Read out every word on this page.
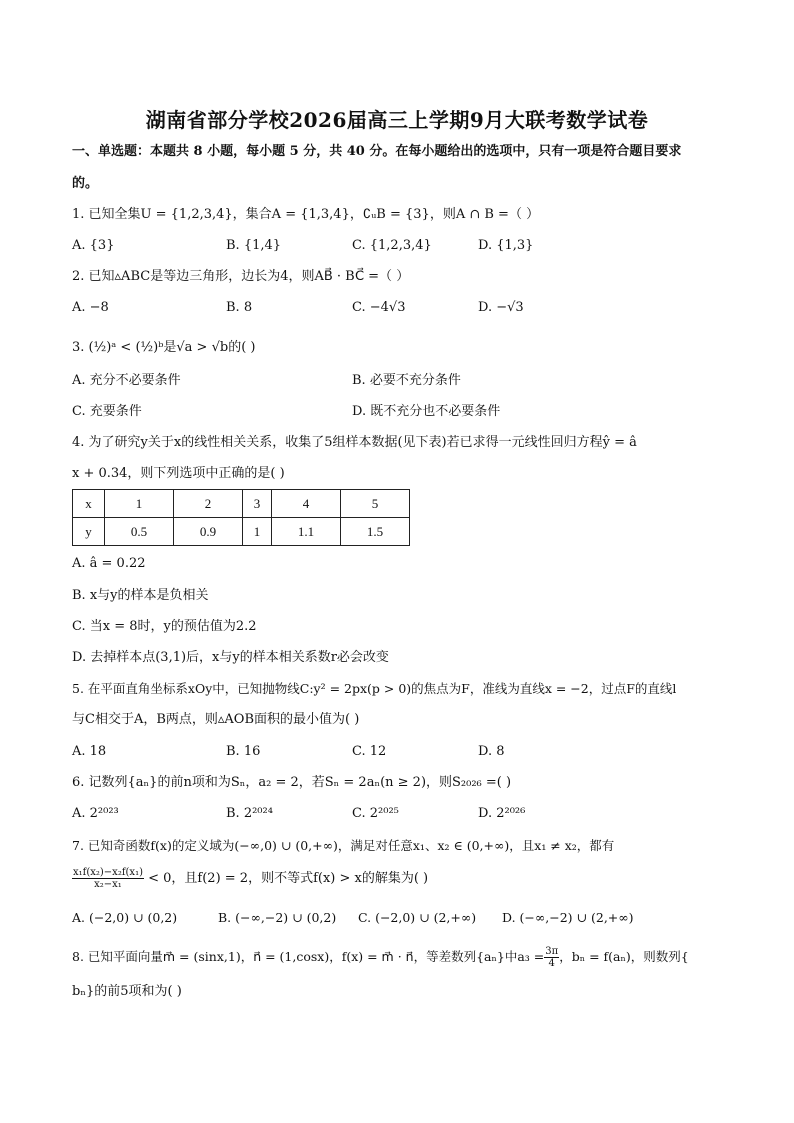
湖南省部分学校2026届高三上学期9月大联考数学试卷
一、单选题：本题共 8 小题，每小题 5 分，共 40 分。在每小题给出的选项中，只有一项是符合题目要求
的。
1. 已知全集U = {1,2,3,4}，集合A = {1,3,4}，∁ᵤB = {3}，则A ∩ B =（ ）
A. {3}	B. {1,4}	C. {1,2,3,4}	D. {1,3}
2. 已知▵ABC是等边三角形，边长为4，则AB⃗ · BC⃗ =（ ）
A. −8	B. 8	C. −4√3	D. −√3
3. (½)ᵃ < (½)ᵇ是√a > √b的( )
A. 充分不必要条件	B. 必要不充分条件
C. 充要条件	D. 既不充分也不必要条件
4. 为了研究y关于x的线性相关关系，收集了5组样本数据(见下表)若已求得一元线性回归方程ŷ = â
x + 0.34，则下列选项中正确的是( )
x	1	2	3	4	5
y	0.5	0.9	1	1.1	1.5
A. â = 0.22
B. x与y的样本是负相关
C. 当x = 8时，y的预估值为2.2
D. 去掉样本点(3,1)后，x与y的样本相关系数r必会改变
5. 在平面直角坐标系xOy中，已知抛物线C:y² = 2px(p > 0)的焦点为F，准线为直线x = −2，过点F的直线l
与C相交于A，B两点，则▵AOB面积的最小值为( )
A. 18	B. 16	C. 12	D. 8
6. 记数列{aₙ}的前n项和为Sₙ，a₂ = 2，若Sₙ = 2aₙ(n ≥ 2)，则S₂₀₂₆ =( )
A. 2²⁰²³	B. 2²⁰²⁴	C. 2²⁰²⁵	D. 2²⁰²⁶
7. 已知奇函数f(x)的定义域为(−∞,0) ∪ (0,+∞)，满足对任意x₁、x₂ ∈ (0,+∞)，且x₁ ≠ x₂，都有
$\frac{\text{x₁f(x₂)−x₂f(x₁)}}{\text{x₂−x₁}} < 0$，且f(2) = 2，则不等式f(x) > x的解集为( )
A. (−2,0) ∪ (0,2)	B. (−∞,−2) ∪ (0,2) C. (−2,0) ∪ (2,+∞) D. (−∞,−2) ∪ (2,+∞)
8. 已知平面向量m⃗ = (sinx,1)，n⃗ = (1,cosx)，f(x) = m⃗ · n⃗，等差数列{aₙ}中$a_3 = \frac{3\pi}{4}$ ，bₙ = f(aₙ)，则数列{
bₙ}的前5项和为( )
